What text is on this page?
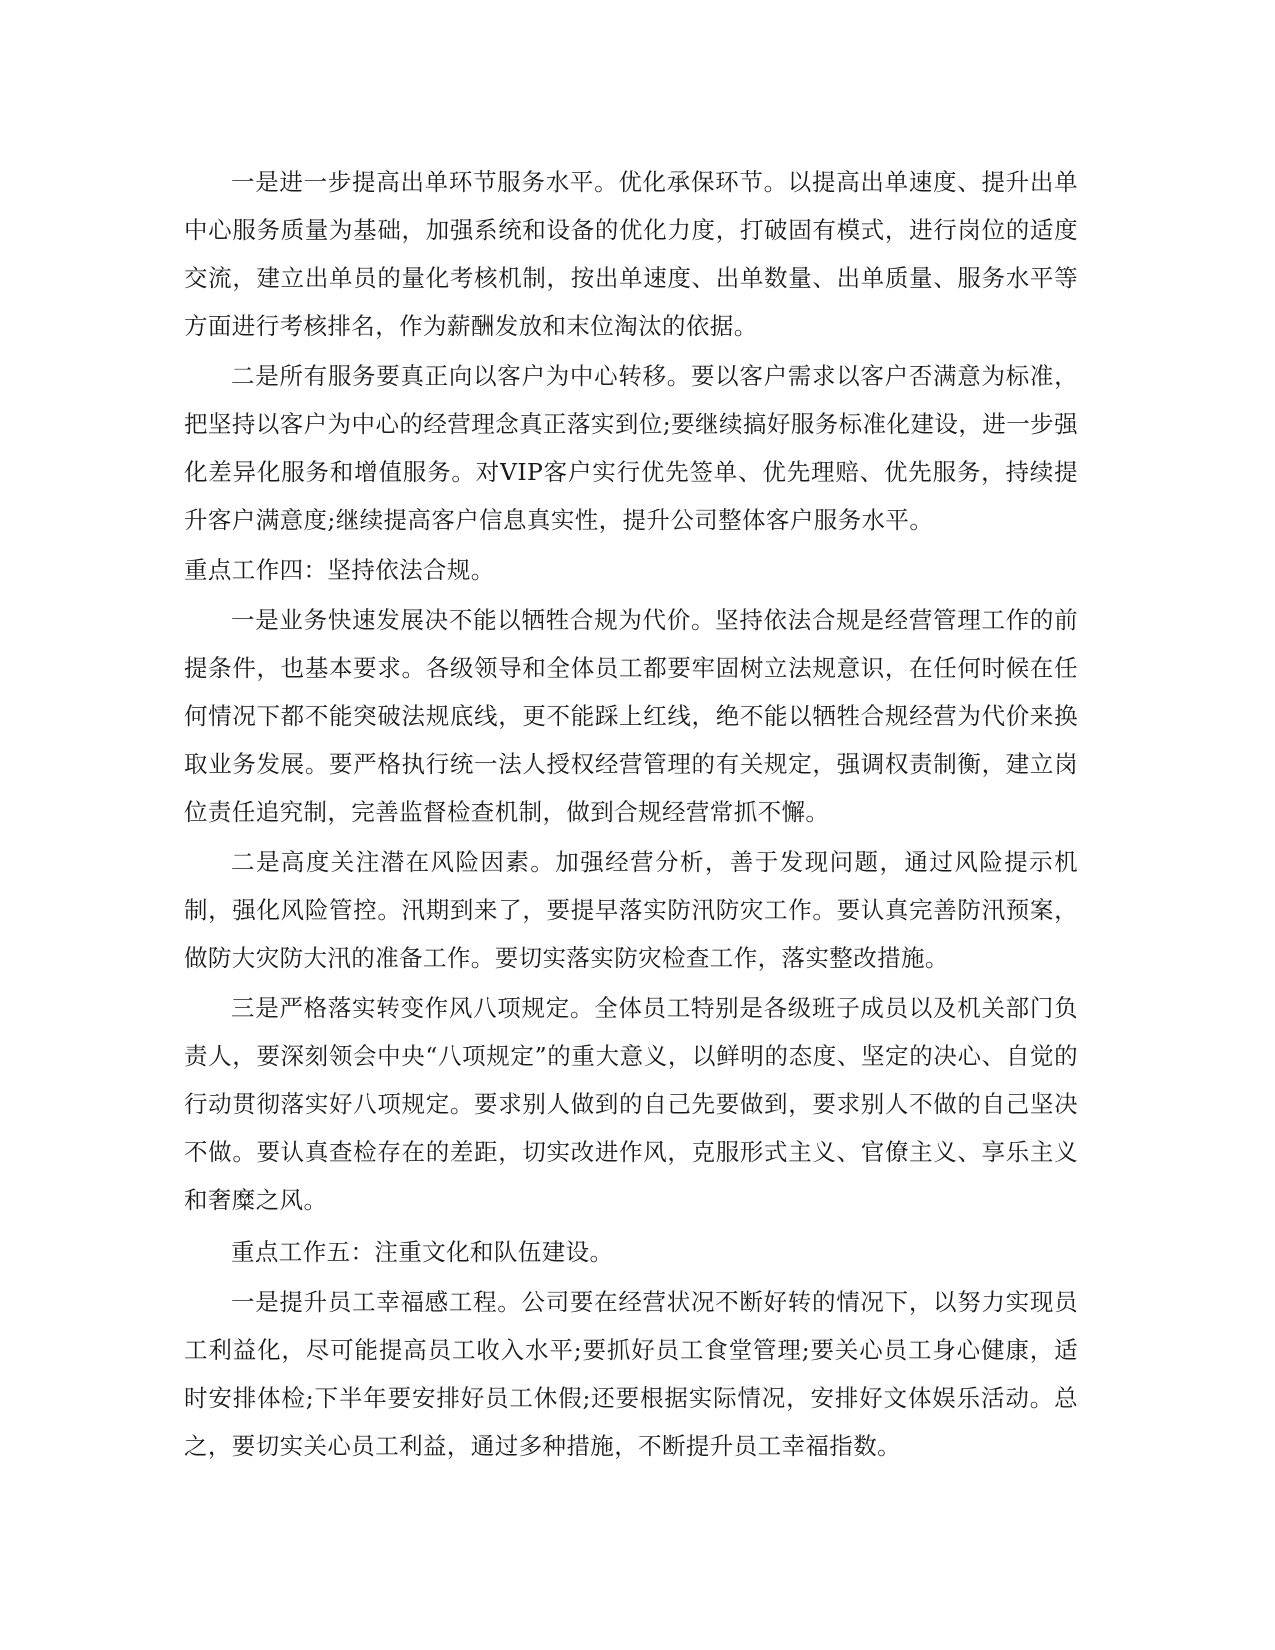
一是进一步提高出单环节服务水平。优化承保环节。以提高出单速度、提升出单中心服务质量为基础，加强系统和设备的优化力度，打破固有模式，进行岗位的适度交流，建立出单员的量化考核机制，按出单速度、出单数量、出单质量、服务水平等方面进行考核排名，作为薪酬发放和末位淘汰的依据。

二是所有服务要真正向以客户为中心转移。要以客户需求以客户否满意为标准，把坚持以客户为中心的经营理念真正落实到位;要继续搞好服务标准化建设，进一步强化差异化服务和增值服务。对VIP客户实行优先签单、优先理赔、优先服务，持续提升客户满意度;继续提高客户信息真实性，提升公司整体客户服务水平。

重点工作四：坚持依法合规。

一是业务快速发展决不能以牺牲合规为代价。坚持依法合规是经营管理工作的前提条件，也基本要求。各级领导和全体员工都要牢固树立法规意识，在任何时候在任何情况下都不能突破法规底线，更不能踩上红线，绝不能以牺牲合规经营为代价来换取业务发展。要严格执行统一法人授权经营管理的有关规定，强调权责制衡，建立岗位责任追究制，完善监督检查机制，做到合规经营常抓不懈。

二是高度关注潜在风险因素。加强经营分析，善于发现问题，通过风险提示机制，强化风险管控。汛期到来了，要提早落实防汛防灾工作。要认真完善防汛预案，做防大灾防大汛的准备工作。要切实落实防灾检查工作，落实整改措施。

三是严格落实转变作风八项规定。全体员工特别是各级班子成员以及机关部门负责人，要深刻领会中央“八项规定”的重大意义，以鲜明的态度、坚定的决心、自觉的行动贯彻落实好八项规定。要求别人做到的自己先要做到，要求别人不做的自己坚决不做。要认真查检存在的差距，切实改进作风，克服形式主义、官僚主义、享乐主义和奢糜之风。

重点工作五：注重文化和队伍建设。

一是提升员工幸福感工程。公司要在经营状况不断好转的情况下，以努力实现员工利益化，尽可能提高员工收入水平;要抓好员工食堂管理;要关心员工身心健康，适时安排体检;下半年要安排好员工休假;还要根据实际情况，安排好文体娱乐活动。总之，要切实关心员工利益，通过多种措施，不断提升员工幸福指数。
